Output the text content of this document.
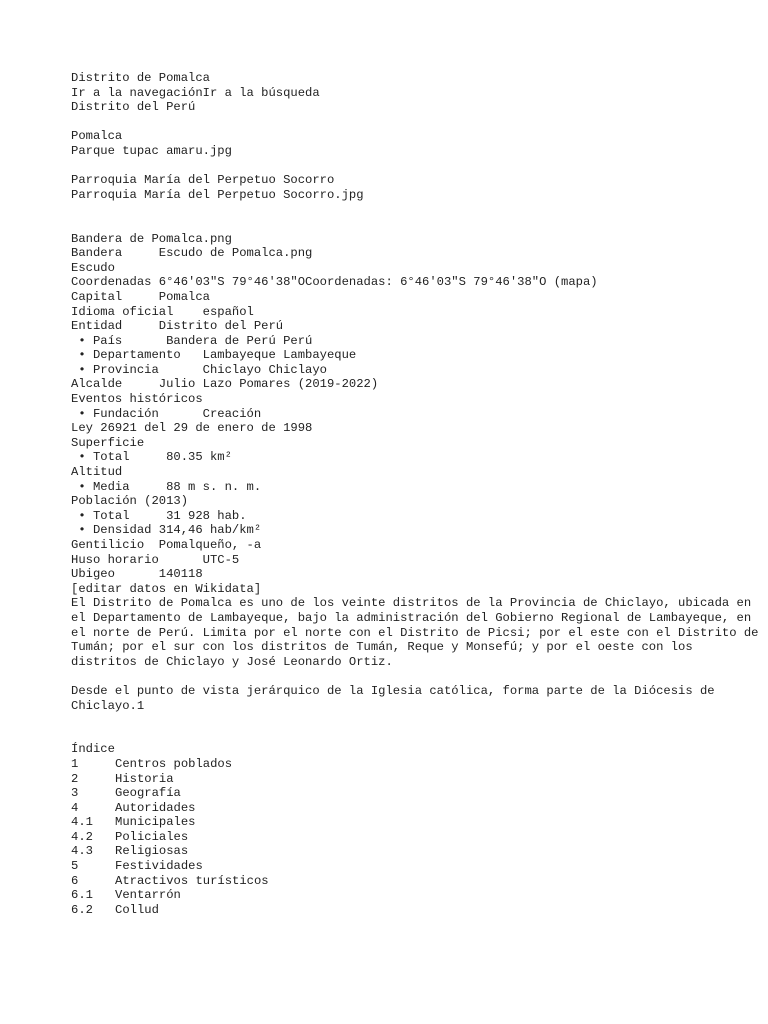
Distrito de Pomalca
Ir a la navegaciónIr a la búsqueda
Distrito del Perú
Pomalca
Parque tupac amaru.jpg
Parroquia María del Perpetuo Socorro
Parroquia María del Perpetuo Socorro.jpg
Bandera de Pomalca.png
Bandera     Escudo de Pomalca.png
Escudo
Coordenadas 6°46′03″S 79°46′38″OCoordenadas: 6°46′03″S 79°46′38″O (mapa)
Capital     Pomalca
Idioma oficial    español
Entidad     Distrito del Perú
• País      Bandera de Perú Perú
• Departamento   Lambayeque Lambayeque
• Provincia      Chiclayo Chiclayo
Alcalde     Julio Lazo Pomares (2019-2022)
Eventos históricos
• Fundación      Creación
Ley 26921 del 29 de enero de 1998
Superficie
• Total     80.35 km²
Altitud
• Media     88 m s. n. m.
Población (2013)
• Total     31 928 hab.
• Densidad 314,46 hab/km²
Gentilicio  Pomalqueño, -a
Huso horario      UTC-5
Ubigeo      140118
[editar datos en Wikidata]
El Distrito de Pomalca es uno de los veinte distritos de la Provincia de Chiclayo, ubicada en el Departamento de Lambayeque, bajo la administración del Gobierno Regional de Lambayeque, en el norte de Perú. Limita por el norte con el Distrito de Picsi; por el este con el Distrito de Tumán; por el sur con los distritos de Tumán, Reque y Monsefú; y por el oeste con los distritos de Chiclayo y José Leonardo Ortiz.
Desde el punto de vista jerárquico de la Iglesia católica, forma parte de la Diócesis de Chiclayo.1
Índice
1	Centros poblados
2	Historia
3	Geografía
4	Autoridades
4.1 Municipales
4.2 Policiales
4.3 Religiosas
5	Festividades
6	Atractivos turísticos
6.1 Ventarrón
6.2 Collud
